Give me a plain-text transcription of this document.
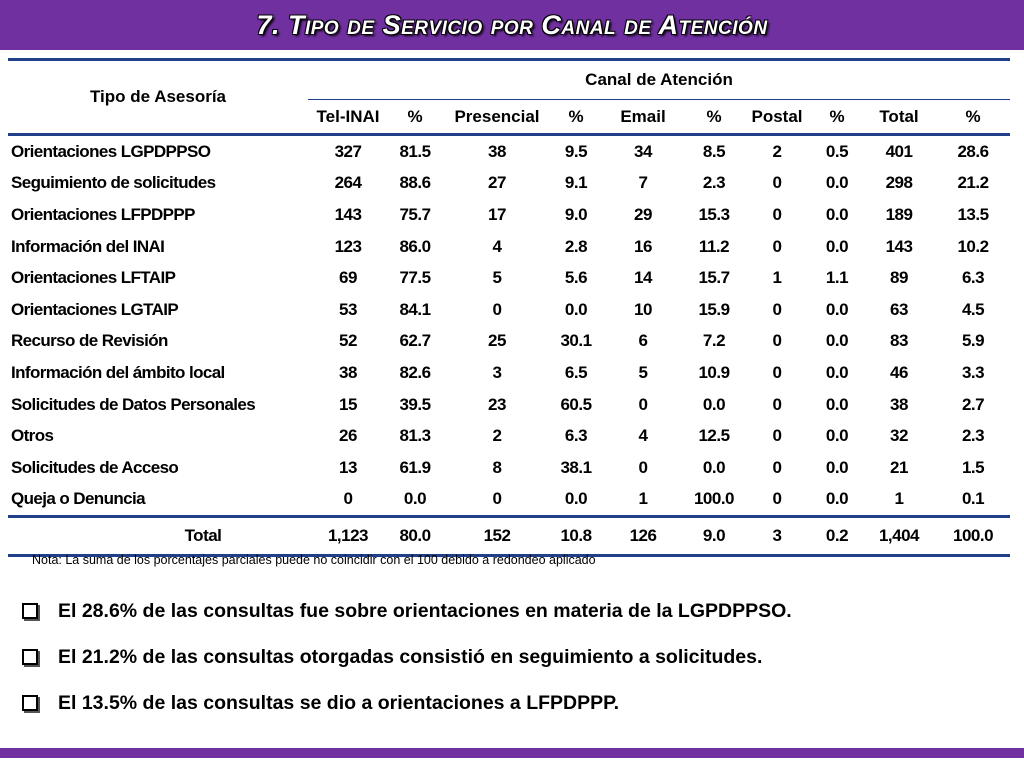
7. Tipo de Servicio por Canal de Atención
Tipo de Asesoría	Canal de Atención									
	Tel-INAI	%	Presencial	%	Email	%	Postal	%	Total	%
Orientaciones LGPDPPSO	327	81.5	38	9.5	34	8.5	2	0.5	401	28.6
Seguimiento de solicitudes	264	88.6	27	9.1	7	2.3	0	0.0	298	21.2
Orientaciones LFPDPPP	143	75.7	17	9.0	29	15.3	0	0.0	189	13.5
Información del INAI	123	86.0	4	2.8	16	11.2	0	0.0	143	10.2
Orientaciones LFTAIP	69	77.5	5	5.6	14	15.7	1	1.1	89	6.3
Orientaciones LGTAIP	53	84.1	0	0.0	10	15.9	0	0.0	63	4.5
Recurso de Revisión	52	62.7	25	30.1	6	7.2	0	0.0	83	5.9
Información del ámbito local	38	82.6	3	6.5	5	10.9	0	0.0	46	3.3
Solicitudes de Datos Personales	15	39.5	23	60.5	0	0.0	0	0.0	38	2.7
Otros	26	81.3	2	6.3	4	12.5	0	0.0	32	2.3
Solicitudes de Acceso	13	61.9	8	38.1	0	0.0	0	0.0	21	1.5
Queja o Denuncia	0	0.0	0	0.0	1	100.0	0	0.0	1	0.1
Total	1,123	80.0	152	10.8	126	9.0	3	0.2	1,404	100.0
Nota: La suma de los porcentajes parciales puede no coincidir con el 100 debido a redondeo aplicado
El 28.6% de las consultas fue sobre orientaciones en materia de la LGPDPPSO.
El 21.2% de las consultas otorgadas consistió en seguimiento a solicitudes.
El 13.5% de las consultas se dio a orientaciones a LFPDPPP.
